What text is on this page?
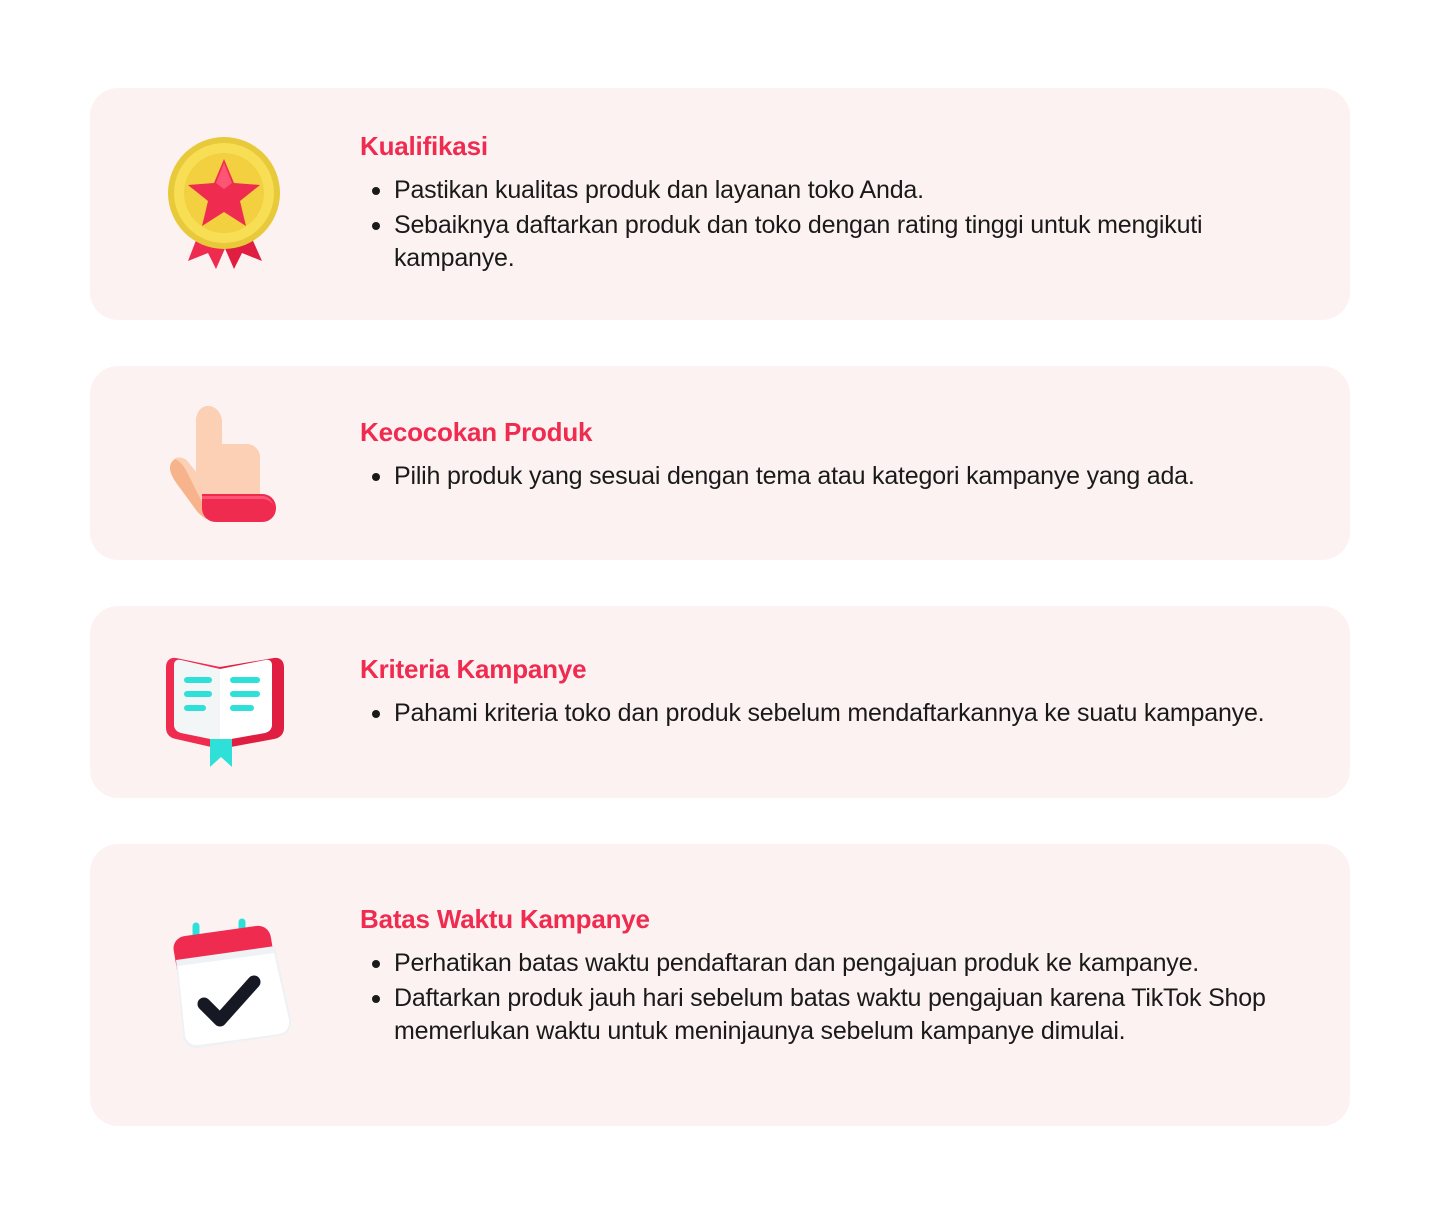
Kualifikasi
Pastikan kualitas produk dan layanan toko Anda.
Sebaiknya daftarkan produk dan toko dengan rating tinggi untuk mengikuti kampanye.
Kecocokan Produk
Pilih produk yang sesuai dengan tema atau kategori kampanye yang ada.
Kriteria Kampanye
Pahami kriteria toko dan produk sebelum mendaftarkannya ke suatu kampanye.
Batas Waktu Kampanye
Perhatikan batas waktu pendaftaran dan pengajuan produk ke kampanye.
Daftarkan produk jauh hari sebelum batas waktu pengajuan karena TikTok Shop memerlukan waktu untuk meninjaunya sebelum kampanye dimulai.
